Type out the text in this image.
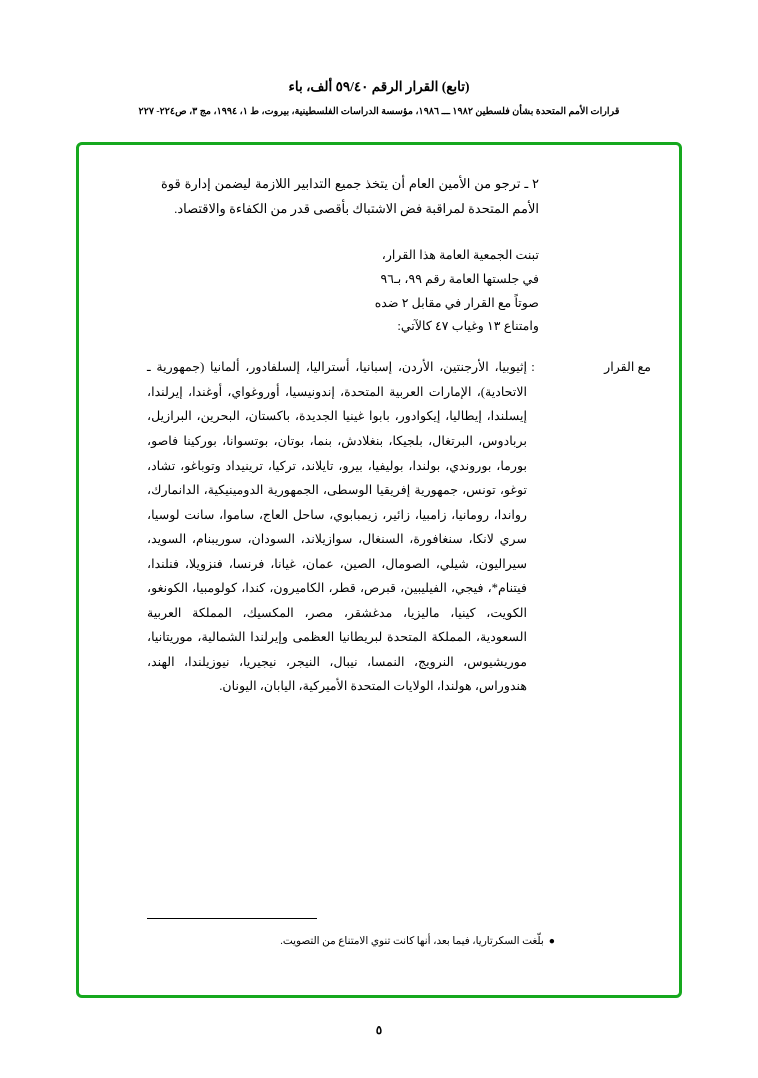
(تابع) القرار الرقم ٥٩/٤٠ ألف، باء
قرارات الأمم المتحدة بشأن فلسطين ١٩٨٢ ـــ ١٩٨٦، مؤسسة الدراسات الفلسطينية، بيروت، ط ١، ١٩٩٤، مج ٣، ص٢٢٤- ٢٢٧
٢ ـ ترجو من الأمين العام أن يتخذ جميع التدابير اللازمة ليضمن إدارة قوة الأمم المتحدة لمراقبة فض الاشتباك بأقصى قدر من الكفاءة والاقتصاد.
تبنت الجمعية العامة هذا القرار،
في جلستها العامة رقم ٩٩، بـ٩٦
صوتاً مع القرار في مقابل ٢ ضده
وامتناع ١٣ وغياب ٤٧ كالآتي:
مع القرار
:
إثيوبيا، الأرجنتين، الأردن، إسبانيا، أستراليا، إلسلفادور، ألمانيا (جمهورية ـ الاتحادية)، الإمارات العربية المتحدة، إندونيسيا، أوروغواي، أوغندا، إيرلندا، إيسلندا، إيطاليا، إيكوادور، بابوا غينيا الجديدة، باكستان، البحرين، البرازيل، بربادوس، البرتغال، بلجيكا، بنغلادش، بنما، بوتان، بوتسوانا، بوركينا فاصو، بورما، بوروندي، بولندا، بوليفيا، بيرو، تايلاند، تركيا، ترينيداد وتوباغو، تشاد، توغو، تونس، جمهورية إفريقيا الوسطى، الجمهورية الدومينيكية، الدانمارك، رواندا، رومانيا، زامبيا، زائير، زيمبابوي، ساحل العاج، ساموا، سانت لوسيا، سري لانكا، سنغافورة، السنغال، سوازيلاند، السودان، سوريبنام، السويد، سيراليون، شيلي، الصومال، الصين، عمان، غيانا، فرنسا، فنزويلا، فنلندا، فيتنام*، فيجي، الفيليبين، قبرص، قطر، الكاميرون، كندا، كولومبيا، الكونغو، الكويت، كينيا، ماليزيا، مدغشقر، مصر، المكسيك، المملكة العربية السعودية، المملكة المتحدة لبريطانيا العظمى وإيرلندا الشمالية، موريتانيا، موريشيوس، النرويج، النمسا، نيبال، النيجر، نيجيريا، نيوزيلندا، الهند، هندوراس، هولندا، الولايات المتحدة الأميركية، اليابان، اليونان.
●بلّغت السكرتاريا، فيما بعد، أنها كانت تنوي الامتناع من التصويت.
٥
